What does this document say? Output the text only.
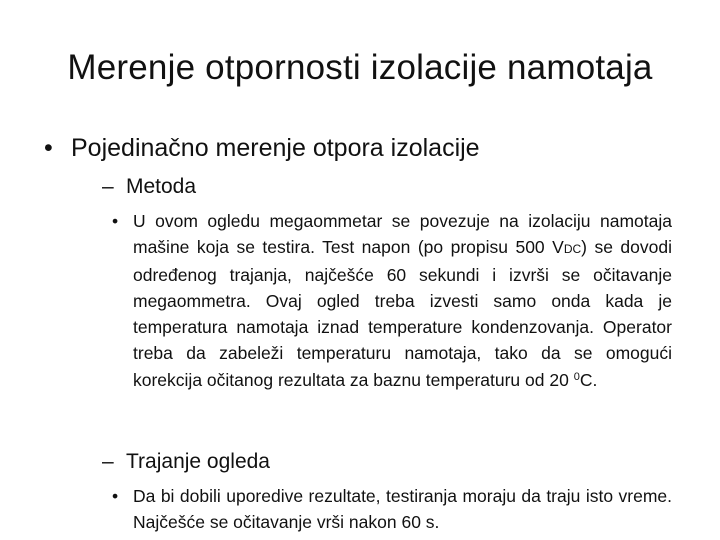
Merenje otpornosti izolacije namotaja
• Pojedinačno merenje otpora izolacije
– Metoda
• U ovom ogledu megaommetar se povezuje na izolaciju namotaja mašine koja se testira. Test napon (po propisu 500 VDC) se dovodi određenog trajanja, najčešće 60 sekundi i izvrši se očitavanje megaommetra. Ovaj ogled treba izvesti samo onda kada je temperatura namotaja iznad temperature kondenzovanja. Operator treba da zabeleži temperaturu namotaja, tako da se omogući korekcija očitanog rezultata za baznu temperaturu od 20 $^0$C.
– Trajanje ogleda
• Da bi dobili uporedive rezultate, testiranja moraju da traju isto vreme. Najčešće se očitavanje vrši nakon 60 s.
